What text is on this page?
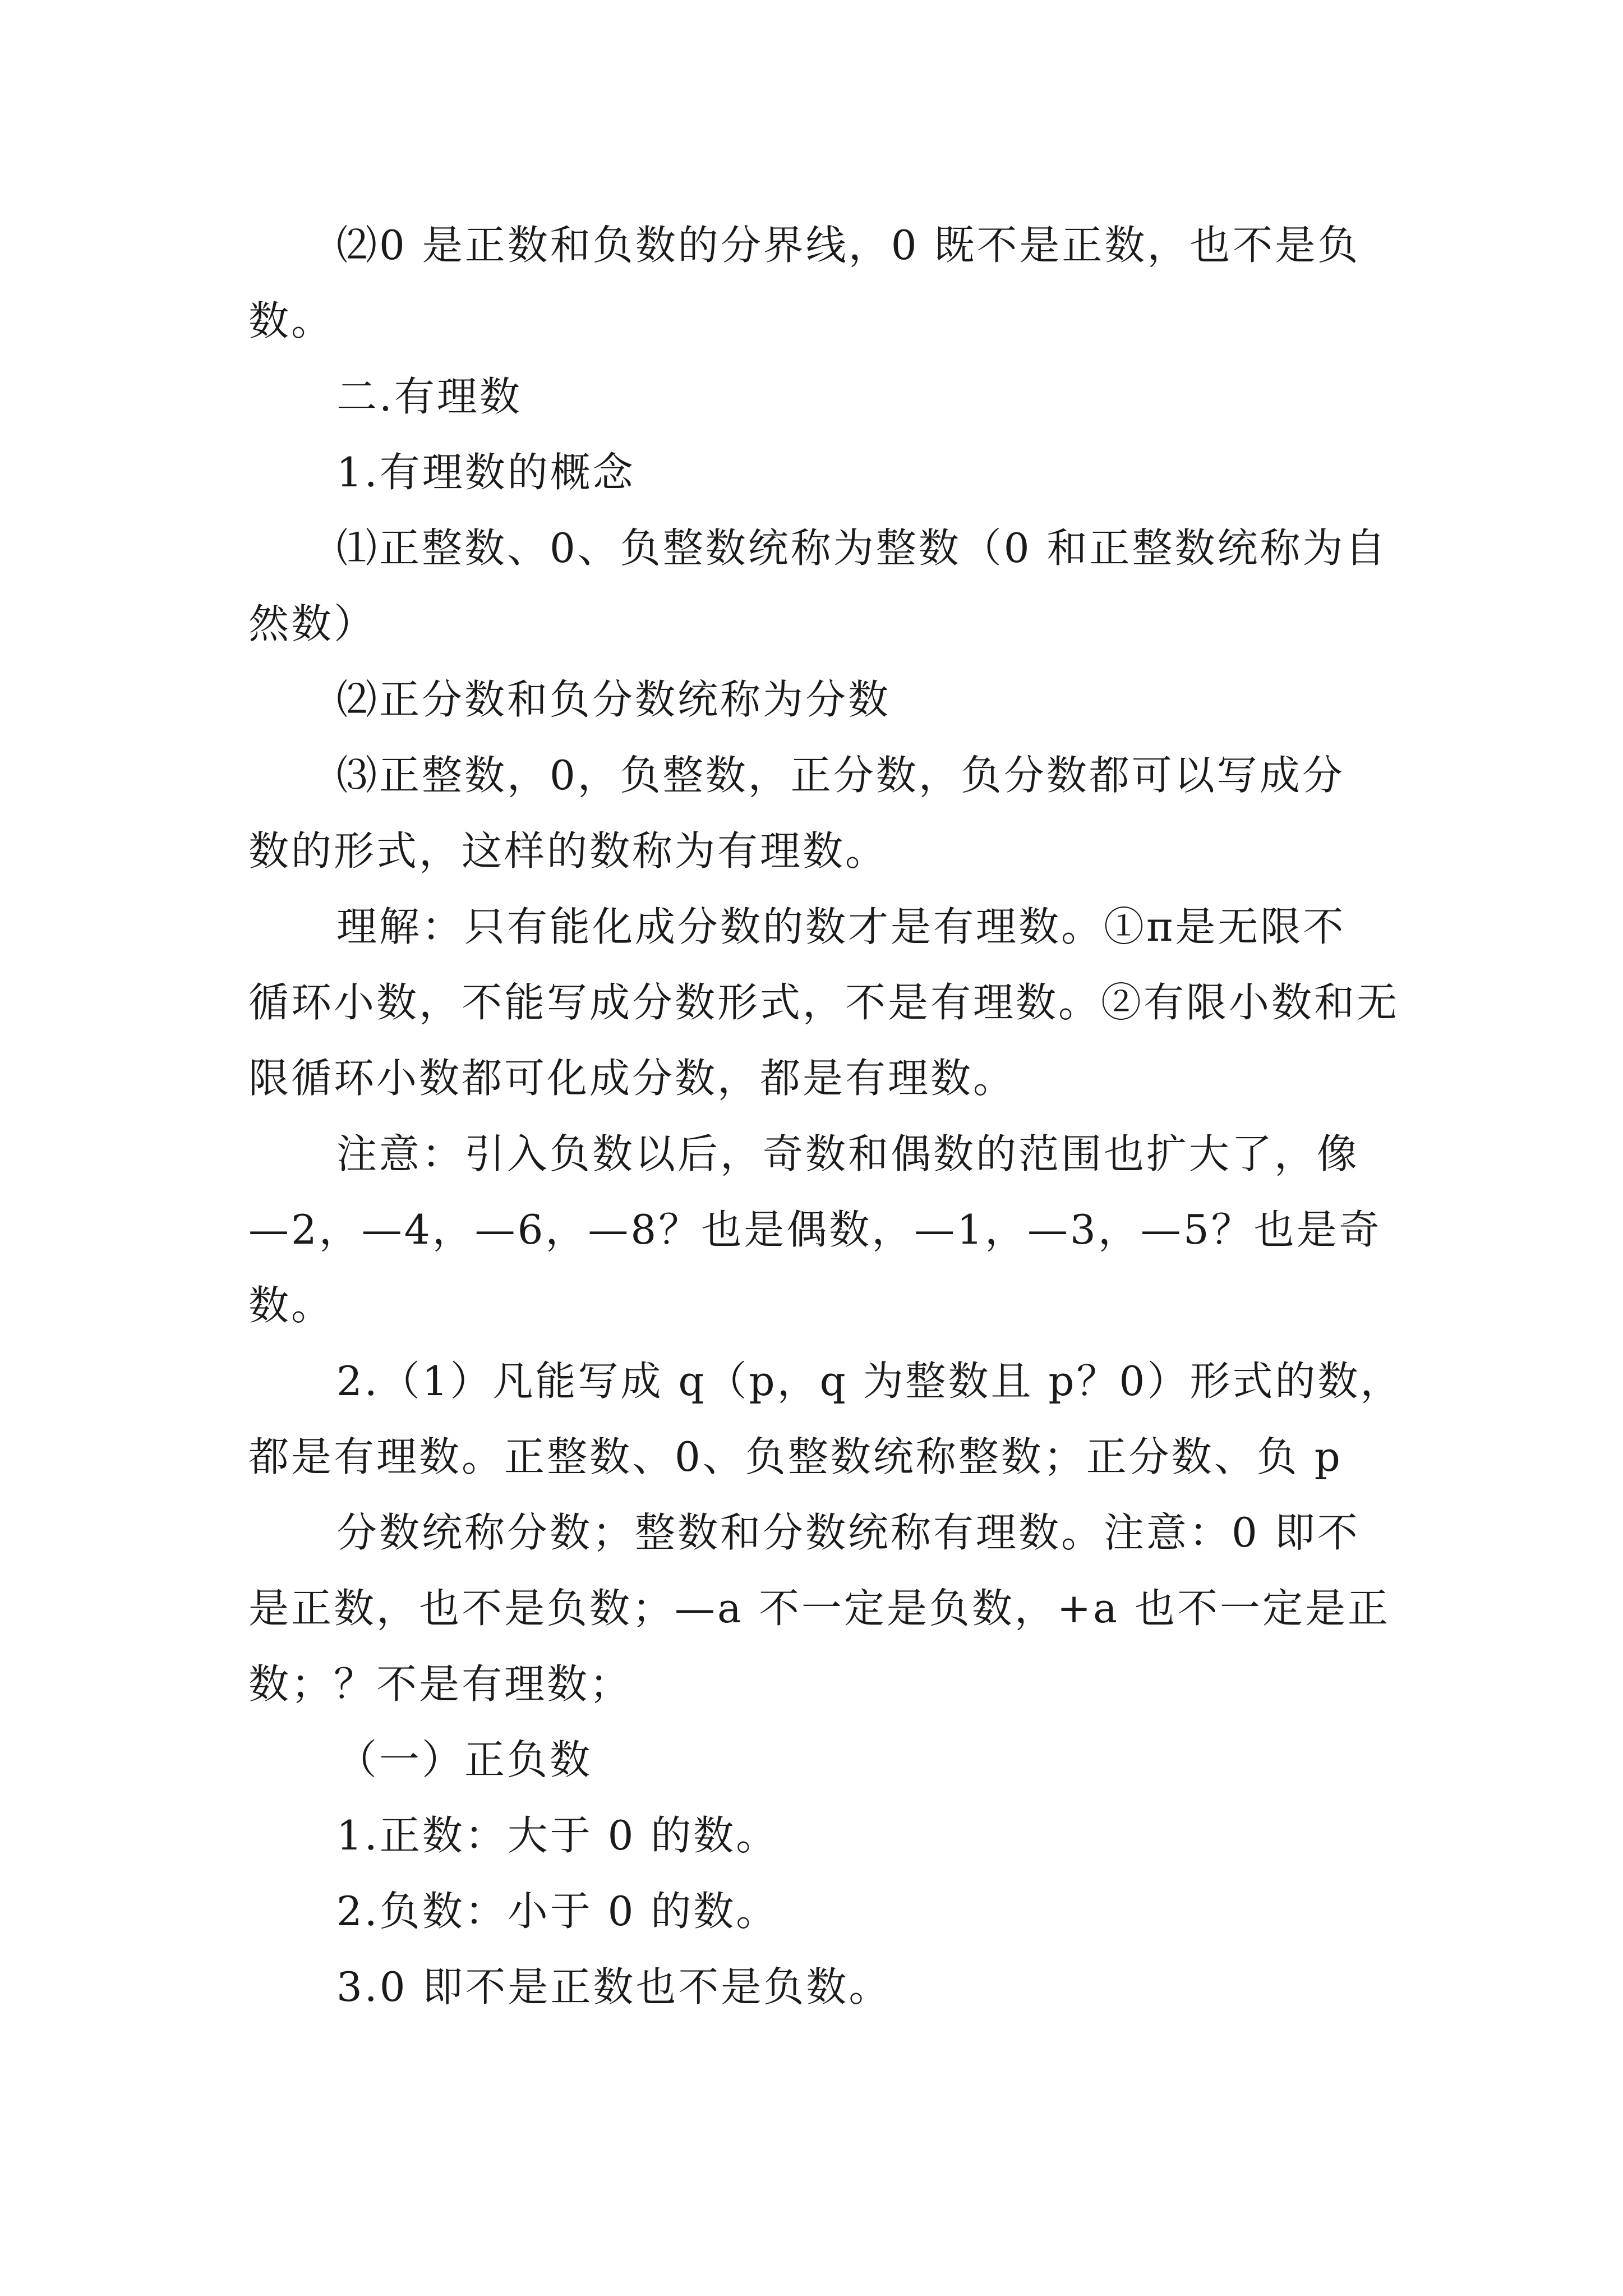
⑵0 是正数和负数的分界线，0 既不是正数，也不是负
数。
二.有理数
1.有理数的概念
⑴正整数、0、负整数统称为整数（0 和正整数统称为自
然数）
⑵正分数和负分数统称为分数
⑶正整数，0，负整数，正分数，负分数都可以写成分
数的形式，这样的数称为有理数。
理解：只有能化成分数的数才是有理数。①π是无限不
循环小数，不能写成分数形式，不是有理数。②有限小数和无
限循环小数都可化成分数，都是有理数。
注意：引入负数以后，奇数和偶数的范围也扩大了，像
—2，—4，—6，—8？也是偶数，—1，—3，—5？也是奇
数。
2.（1）凡能写成 q（p，q 为整数且 p？0）形式的数，
都是有理数。正整数、0、负整数统称整数；正分数、负 p
分数统称分数；整数和分数统称有理数。注意：0 即不
是正数，也不是负数；—a 不一定是负数，+a 也不一定是正
数；？不是有理数；
（一）正负数
1.正数：大于 0 的数。
2.负数：小于 0 的数。
3.0 即不是正数也不是负数。
